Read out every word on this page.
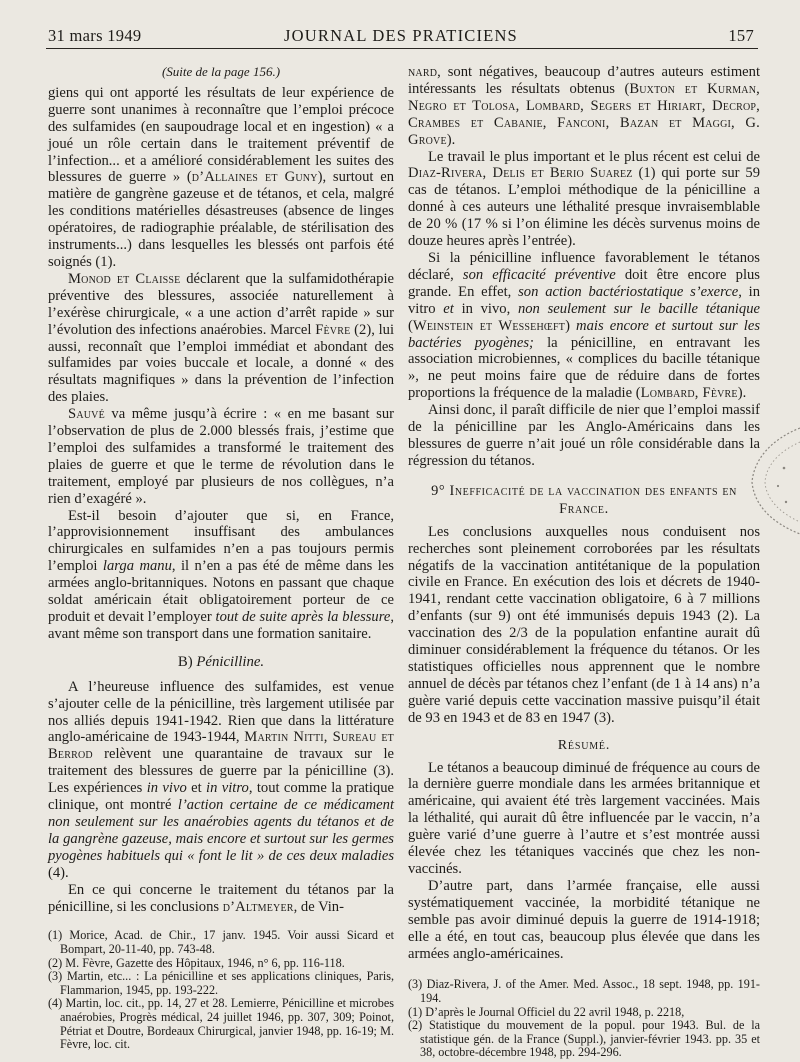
31 mars 1949	JOURNAL DES PRATICIENS	157
(Suite de la page 156.)

giens qui ont apporté les résultats de leur expérience de guerre sont unanimes à reconnaître que l’emploi précoce des sulfamides (en saupoudrage local et en ingestion) « a joué un rôle certain dans le traitement préventif de l’infection... et a amélioré considérablement les suites des blessures de guerre » (d’Allaines et Guny), surtout en matière de gangrène gazeuse et de tétanos, et cela, malgré les conditions matérielles désastreuses (absence de linges opératoires, de radiographie préalable, de stérilisation des instruments...) dans lesquelles les blessés ont parfois été soignés (1).

Monod et Claisse déclarent que la sulfamidothérapie préventive des blessures, associée naturellement à l’exérèse chirurgicale, « a une action d’arrêt rapide » sur l’évolution des infections anaérobies. Marcel Fèvre (2), lui aussi, reconnaît que l’emploi immédiat et abondant des sulfamides par voies buccale et locale, a donné « des résultats magnifiques » dans la prévention de l’infection des plaies.

Sauvé va même jusqu’à écrire : « en me basant sur l’observation de plus de 2.000 blessés frais, j’estime que l’emploi des sulfamides a transformé le traitement des plaies de guerre et que le terme de révolution dans le traitement, employé par plusieurs de nos collègues, n’a rien d’exagéré ».

Est-il besoin d’ajouter que si, en France, l’approvisionnement insuffisant des ambulances chirurgicales en sulfamides n’en a pas toujours permis l’emploi larga manu, il n’en a pas été de même dans les armées anglo-britanniques. Notons en passant que chaque soldat américain était obligatoirement porteur de ce produit et devait l’employer tout de suite après la blessure, avant même son transport dans une formation sanitaire.

B) Pénicilline.

A l’heureuse influence des sulfamides, est venue s’ajouter celle de la pénicilline, très largement utilisée par nos alliés depuis 1941-1942. Rien que dans la littérature anglo-américaine de 1943-1944, Martin Nitti, Sureau et Berrod relèvent une quarantaine de travaux sur le traitement des blessures de guerre par la pénicilline (3). Les expériences in vivo et in vitro, tout comme la pratique clinique, ont montré l’action certaine de ce médicament non seulement sur les anaérobies agents du tétanos et de la gangrène gazeuse, mais encore et surtout sur les germes pyogènes habituels qui « font le lit » de ces deux maladies (4).

En ce qui concerne le traitement du tétanos par la pénicilline, si les conclusions d’Altmeyer, de Vin-

(1) Morice, Acad. de Chir., 17 janv. 1945. Voir aussi Sicard et Bompart, 20-11-40, pp. 743-48.

(2) M. Fèvre, Gazette des Hôpitaux, 1946, n° 6, pp. 116-118.

(3) Martin, etc... : La pénicilline et ses applications cliniques, Paris, Flammarion, 1945, pp. 193-222.

(4) Martin, loc. cit., pp. 14, 27 et 28. Lemierre, Pénicilline et microbes anaérobies, Progrès médical, 24 juillet 1946, pp. 307, 309; Poinot, Pétriat et Doutre, Bordeaux Chirurgical, janvier 1948, pp. 16-19; M. Fèvre, loc. cit.

nard, sont négatives, beaucoup d’autres auteurs estiment intéressants les résultats obtenus (Buxton et Kurman, Negro et Tolosa, Lombard, Segers et Hiriart, Decrop, Crambes et Cabanie, Fanconi, Bazan et Maggi, G. Grove).

Le travail le plus important et le plus récent est celui de Diaz-Rivera, Delis et Berio Suarez (1) qui porte sur 59 cas de tétanos. L’emploi méthodique de la pénicilline a donné à ces auteurs une léthalité presque invraisemblable de 20 % (17 % si l’on élimine les décès survenus moins de douze heures après l’entrée).

Si la pénicilline influence favorablement le tétanos déclaré, son efficacité préventive doit être encore plus grande. En effet, son action bactériostatique s’exerce, in vitro et in vivo, non seulement sur le bacille tétanique (Weinstein et Wessehœft) mais encore et surtout sur les bactéries pyogènes; la pénicilline, en entravant les association microbiennes, « complices du bacille tétanique », ne peut moins faire que de réduire dans de fortes proportions la fréquence de la maladie (Lombard, Fèvre).

Ainsi donc, il paraît difficile de nier que l’emploi massif de la pénicilline par les Anglo-Américains dans les blessures de guerre n’ait joué un rôle considérable dans la régression du tétanos.

9° Inefficacité de la vaccination des enfants en France.

Les conclusions auxquelles nous conduisent nos recherches sont pleinement corroborées par les résultats négatifs de la vaccination antitétanique de la population civile en France. En exécution des lois et décrets de 1940-1941, rendant cette vaccination obligatoire, 6 à 7 millions d’enfants (sur 9) ont été immunisés depuis 1943 (2). La vaccination des 2/3 de la population enfantine aurait dû diminuer considérablement la fréquence du tétanos. Or les statistiques officielles nous apprennent que le nombre annuel de décès par tétanos chez l’enfant (de 1 à 14 ans) n’a guère varié depuis cette vaccination massive puisqu’il était de 93 en 1943 et de 83 en 1947 (3).

Résumé.

Le tétanos a beaucoup diminué de fréquence au cours de la dernière guerre mondiale dans les armées britannique et américaine, qui avaient été très largement vaccinées. Mais la léthalité, qui aurait dû être influencée par le vaccin, n’a guère varié d’une guerre à l’autre et s’est montrée aussi élevée chez les tétaniques vaccinés que chez les non-vaccinés.

D’autre part, dans l’armée française, elle aussi systématiquement vaccinée, la morbidité tétanique ne semble pas avoir diminué depuis la guerre de 1914-1918; elle a été, en tout cas, beaucoup plus élevée que dans les armées anglo-américaines.

(3) Diaz-Rivera, J. of the Amer. Med. Assoc., 18 sept. 1948, pp. 191-194.

(1) D’après le Journal Officiel du 22 avril 1948, p. 2218,

(2) Statistique du mouvement de la popul. pour 1943. Bul. de la statistique gén. de la France (Suppl.), janvier-février 1943. pp. 35 et 38, octobre-décembre 1948, pp. 294-296.
